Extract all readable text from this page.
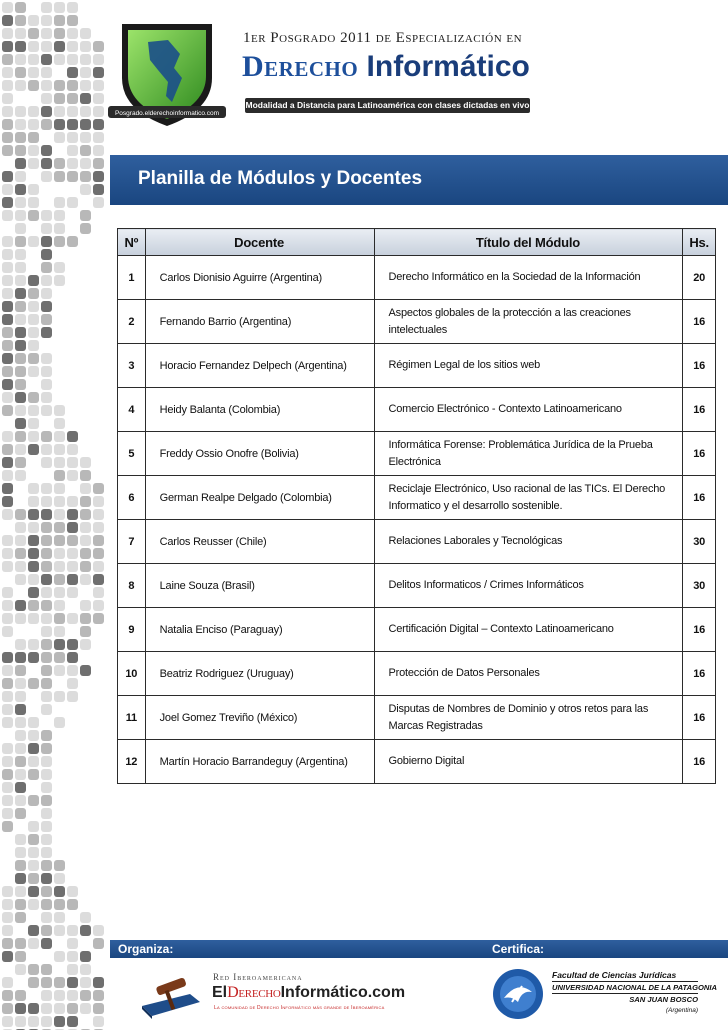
Posgrado.elderechoinformatico.com
1er Posgrado 2011 de Especialización en
Derecho Informático
Modalidad a Distancia para Latinoamérica con clases dictadas en vivo
Planilla de Módulos y Docentes
Nº	Docente	Título del Módulo	Hs.
1	Carlos Dionisio Aguirre (Argentina)	Derecho Informático en la Sociedad de la Información	20
2	Fernando Barrio (Argentina)	Aspectos globales de la protección a las creaciones intelectuales	16
3	Horacio Fernandez Delpech (Argentina)	Régimen Legal de los sitios web	16
4	Heidy Balanta (Colombia)	Comercio Electrónico - Contexto Latinoamericano	16
5	Freddy Ossio Onofre (Bolivia)	Informática Forense: Problemática Jurídica de la Prueba Electrónica	16
6	German Realpe Delgado (Colombia)	Reciclaje Electrónico, Uso racional de las TICs. El Derecho Informatico y el desarrollo sostenible.	16
7	Carlos Reusser (Chile)	Relaciones Laborales y Tecnológicas	30
8	Laine Souza (Brasil)	Delitos Informaticos / Crimes Informáticos	30
9	Natalia Enciso (Paraguay)	Certificación Digital – Contexto Latinoamericano	16
10	Beatriz Rodriguez (Uruguay)	Protección de Datos Personales	16
11	Joel Gomez Treviño (México)	Disputas de Nombres de Dominio y otros retos para las Marcas Registradas	16
12	Martín Horacio Barrandeguy (Argentina)	Gobierno Digital	16
Organiza:	Certifica:
Red Iberoamericana
ElDerechoInformático.com
La comunidad de Derecho Informático más grande de Iberoamérica
Facultad de Ciencias Jurídicas
UNIVERSIDAD NACIONAL DE LA PATAGONIA
SAN JUAN BOSCO
(Argentina)
